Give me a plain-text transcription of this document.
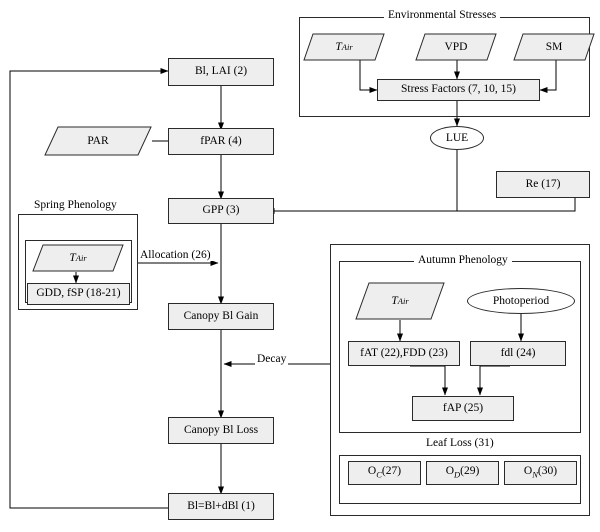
Environmental Stresses
T Air	VPD	SM
Stress Factors (7, 10, 15)
LUE
Bl, LAI (2)
PAR	fPAR (4)
GPP (3)
Re (17)
Canopy Bl Gain
Canopy Bl Loss
Bl=Bl+dBl (1)
Allocation (26)
Decay
Spring Phenology
T Air
GDD, fSP (18-21)
Autumn Phenology
T Air	Photoperiod
fAT (22),FDD (23)	fdl (24)
fAP (25)
Leaf Loss (31)
$O_C(27)$	$O_D(29)$	$O_N(30)$
